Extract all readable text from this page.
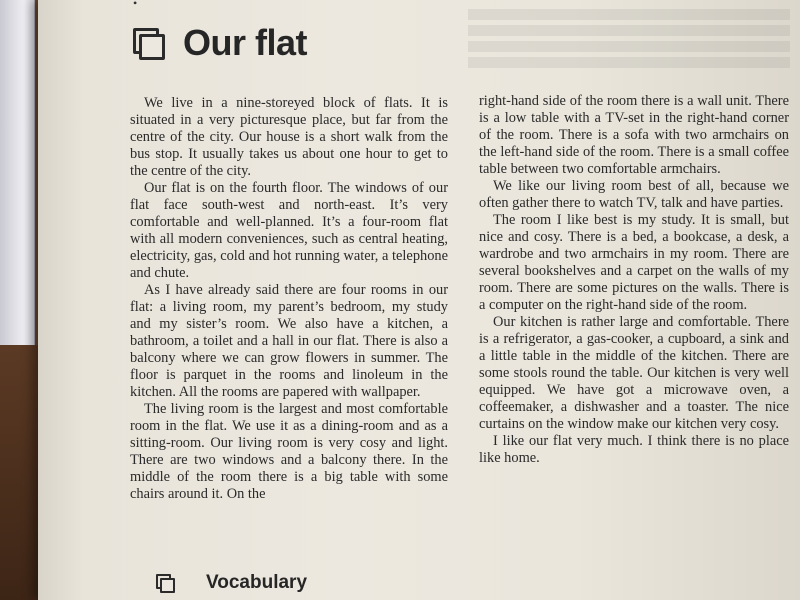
•
Our flat

We live in a nine-storeyed block of flats. It is situated in a very picturesque place, but far from the centre of the city. Our house is a short walk from the bus stop. It usually takes us about one hour to get to the centre of the city.

Our flat is on the fourth floor. The windows of our flat face south-west and north-east. It’s very comfortable and well-planned. It’s a four-room flat with all modern conveniences, such as central heating, electricity, gas, cold and hot running water, a telephone and chute.

As I have already said there are four rooms in our flat: a living room, my parent’s bedroom, my study and my sister’s room. We also have a kitchen, a bathroom, a toilet and a hall in our flat. There is also a balcony where we can grow flowers in summer. The floor is parquet in the rooms and linoleum in the kitchen. All the rooms are papered with wallpaper.

The living room is the largest and most comfortable room in the flat. We use it as a dining-room and as a sitting-room. Our living room is very cosy and light. There are two windows and a balcony there. In the middle of the room there is a big table with some chairs around it. On the

right-hand side of the room there is a wall unit. There is a low table with a TV-set in the right-hand corner of the room. There is a sofa with two armchairs on the left-hand side of the room. There is a small coffee table between two comfortable armchairs.

We like our living room best of all, because we often gather there to watch TV, talk and have parties.

The room I like best is my study. It is small, but nice and cosy. There is a bed, a bookcase, a desk, a wardrobe and two armchairs in my room. There are several bookshelves and a carpet on the walls of my room. There are some pictures on the walls. There is a computer on the right-hand side of the room.

Our kitchen is rather large and comfortable. There is a refrigerator, a gas-cooker, a cupboard, a sink and a little table in the middle of the kitchen. There are some stools round the table. Our kitchen is very well equipped. We have got a microwave oven, a coffeemaker, a dishwasher and a toaster. The nice curtains on the window make our kitchen very cosy.

I like our flat very much. I think there is no place like home.

Vocabulary
